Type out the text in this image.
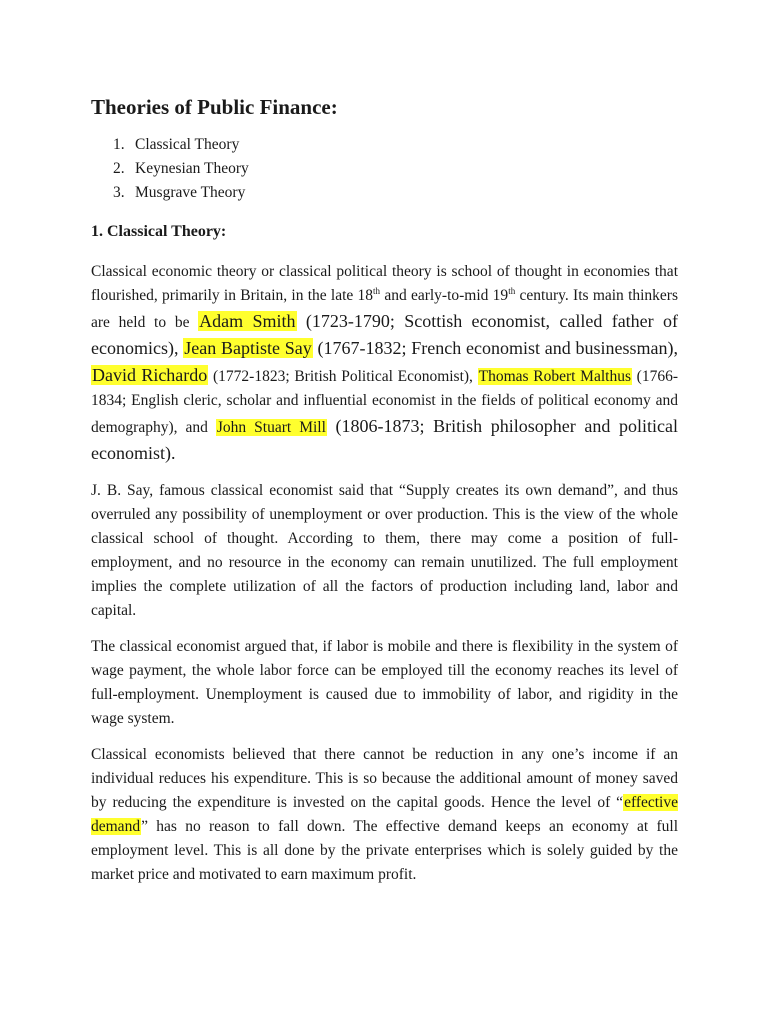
Theories of Public Finance:
1. Classical Theory
2. Keynesian Theory
3. Musgrave Theory
1. Classical Theory:

Classical economic theory or classical political theory is school of thought in economies that flourished, primarily in Britain, in the late 18th and early-to-mid 19th century. Its main thinkers are held to be Adam Smith (1723-1790; Scottish economist, called father of economics), Jean Baptiste Say (1767-1832; French economist and businessman), David Richardo (1772-1823; British Political Economist), Thomas Robert Malthus (1766-1834; English cleric, scholar and influential economist in the fields of political economy and demography), and John Stuart Mill (1806-1873; British philosopher and political economist).

J. B. Say, famous classical economist said that “Supply creates its own demand”, and thus overruled any possibility of unemployment or over production. This is the view of the whole classical school of thought. According to them, there may come a position of full-employment, and no resource in the economy can remain unutilized. The full employment implies the complete utilization of all the factors of production including land, labor and capital.

The classical economist argued that, if labor is mobile and there is flexibility in the system of wage payment, the whole labor force can be employed till the economy reaches its level of full-employment. Unemployment is caused due to immobility of labor, and rigidity in the wage system.

Classical economists believed that there cannot be reduction in any one’s income if an individual reduces his expenditure. This is so because the additional amount of money saved by reducing the expenditure is invested on the capital goods. Hence the level of “effective demand” has no reason to fall down. The effective demand keeps an economy at full employment level. This is all done by the private enterprises which is solely guided by the market price and motivated to earn maximum profit.
